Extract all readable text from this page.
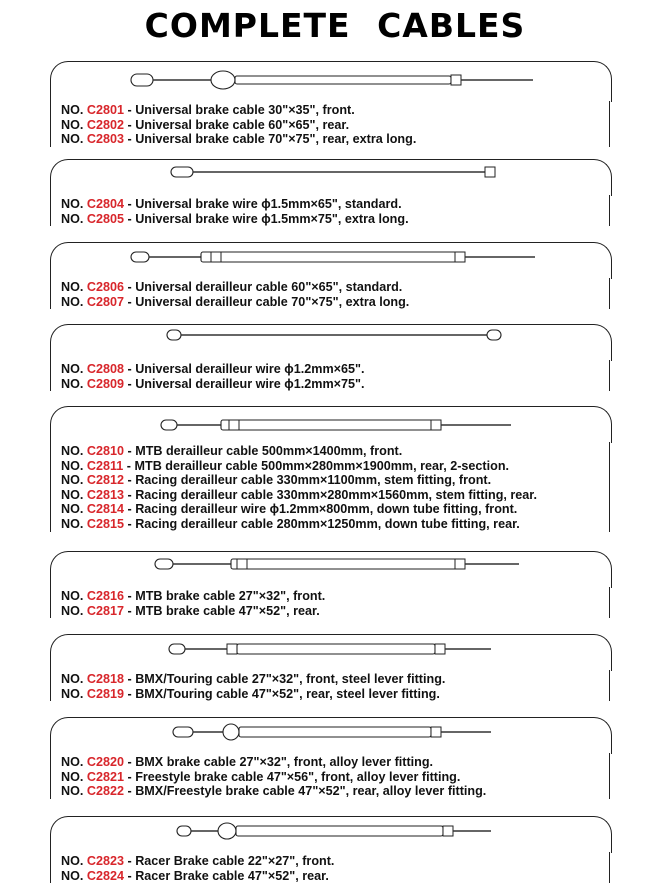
COMPLETE CABLES
NO. C2801 - Universal brake cable 30"×35", front.
NO. C2802 - Universal brake cable 60"×65", rear.
NO. C2803 - Universal brake cable 70"×75", rear, extra long.
NO. C2804 - Universal brake wire ϕ1.5mm×65", standard.
NO. C2805 - Universal brake wire ϕ1.5mm×75", extra long.
NO. C2806 - Universal derailleur cable 60"×65", standard.
NO. C2807 - Universal derailleur cable 70"×75", extra long.
NO. C2808 - Universal derailleur wire ϕ1.2mm×65".
NO. C2809 - Universal derailleur wire ϕ1.2mm×75".
NO. C2810 - MTB derailleur cable 500mm×1400mm, front.
NO. C2811 - MTB derailleur cable 500mm×280mm×1900mm, rear, 2-section.
NO. C2812 - Racing derailleur cable 330mm×1100mm, stem fitting, front.
NO. C2813 - Racing derailleur cable 330mm×280mm×1560mm, stem fitting, rear.
NO. C2814 - Racing derailleur wire ϕ1.2mm×800mm, down tube fitting, front.
NO. C2815 - Racing derailleur cable 280mm×1250mm, down tube fitting, rear.
NO. C2816 - MTB brake cable 27"×32", front.
NO. C2817 - MTB brake cable 47"×52", rear.
NO. C2818 - BMX/Touring cable 27"×32", front, steel lever fitting.
NO. C2819 - BMX/Touring cable 47"×52", rear, steel lever fitting.
NO. C2820 - BMX brake cable 27"×32", front, alloy lever fitting.
NO. C2821 - Freestyle brake cable 47"×56", front, alloy lever fitting.
NO. C2822 - BMX/Freestyle brake cable 47"×52", rear, alloy lever fitting.
NO. C2823 - Racer Brake cable 22"×27", front.
NO. C2824 - Racer Brake cable 47"×52", rear.
